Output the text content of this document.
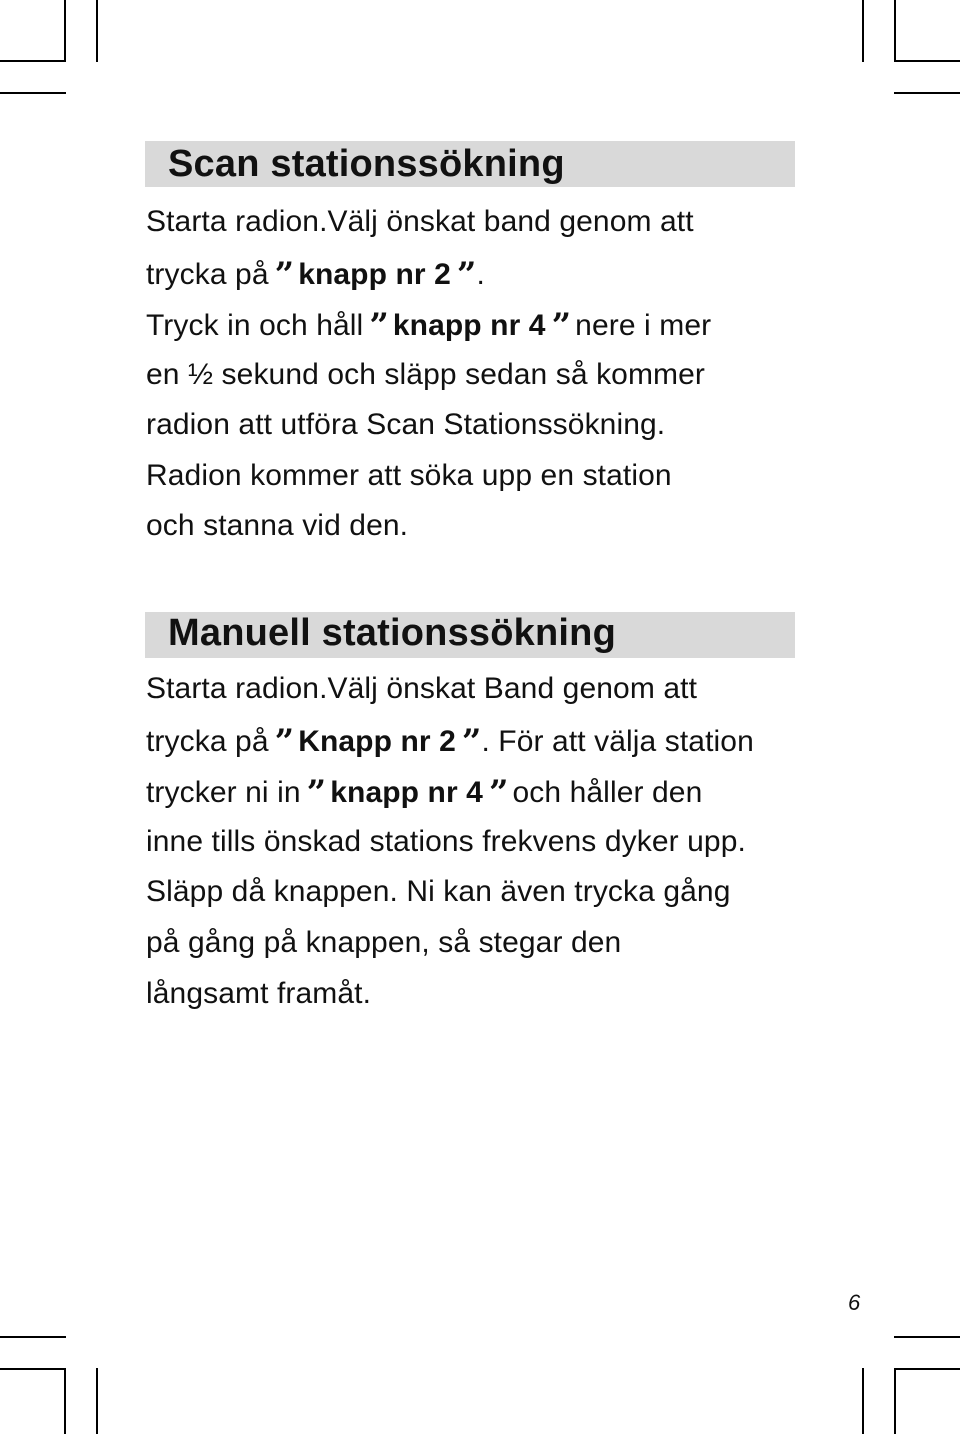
Scan stationssökning

Starta radion.Välj önskat band genom att

trycka på ” knapp nr 2 ”.

Tryck in och håll ” knapp nr 4 ” nere i mer

en ½ sekund och släpp sedan så kommer

radion att utföra Scan Stationssökning.

Radion kommer att söka upp en station

och stanna vid den.

Manuell stationssökning

Starta radion.Välj önskat Band genom att

trycka på ” Knapp nr 2 ”. För att välja station

trycker ni in ” knapp nr 4 ” och håller den

inne tills önskad stations frekvens dyker upp.

Släpp då knappen. Ni kan även trycka gång

på gång på knappen, så stegar den

långsamt framåt.

6
